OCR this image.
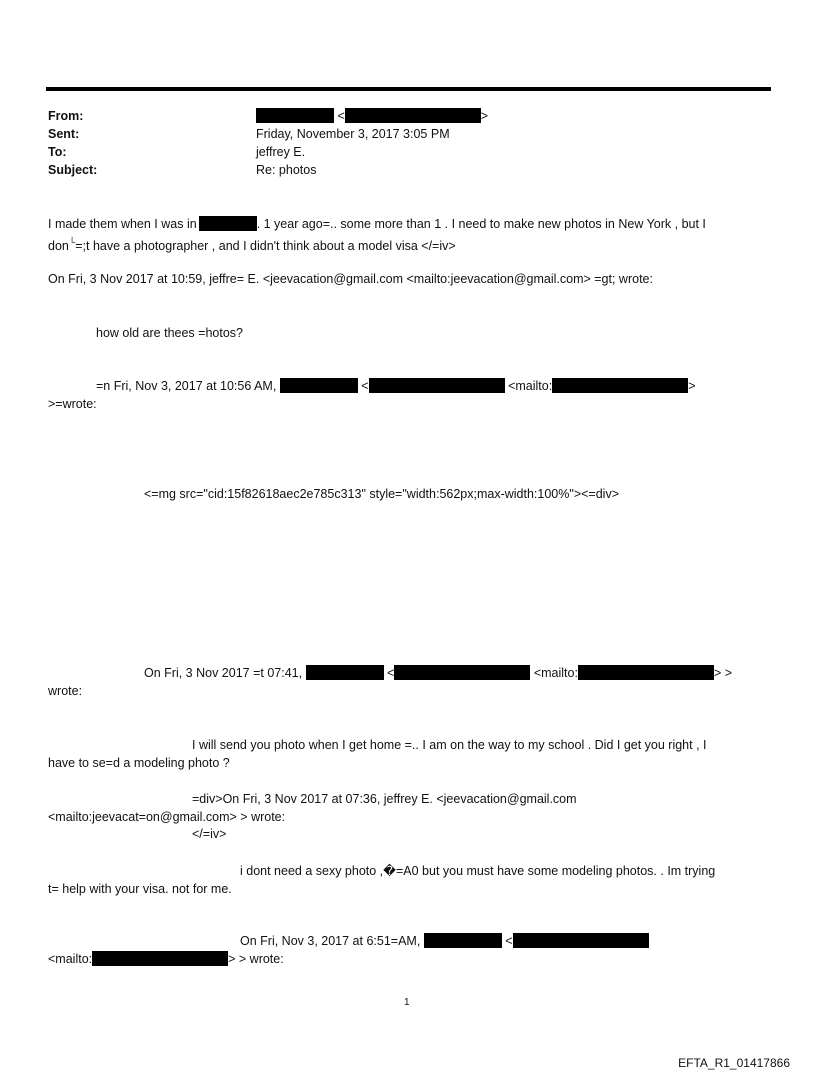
From:	<	>
Sent:	Friday, November 3, 2017 3:05 PM
To:	jeffrey E.
Subject:	Re: photos
I made them when I was in	. 1 year ago=.. some more than 1 . I need to make new photos in New York , but I
don└=;t have a photographer , and I didn't think about a model visa </=iv>
On Fri, 3 Nov 2017 at 10:59, jeffre= E. <jeevacation@gmail.com <mailto:jeevacation@gmail.com> =gt; wrote:
how old are thees =hotos?
=n Fri, Nov 3, 2017 at 10:56 AM,	<	<mailto:	>
>=wrote:
<=mg src="cid:15f82618aec2e785c313" style="width:562px;max-width:100%"><=div>
On Fri, 3 Nov 2017 =t 07:41,	<	<mailto:	> >
wrote:
I will send you photo when I get home =.. I am on the way to my school . Did I get you right , I
have to se=d a modeling photo ?
=div>On Fri, 3 Nov 2017 at 07:36, jeffrey E. <jeevacation@gmail.com
<mailto:jeevacat=on@gmail.com> > wrote:
</=iv>
i dont need a sexy photo ,�=A0 but you must have some modeling photos. . Im trying
t= help with your visa. not for me.
On Fri, Nov 3, 2017 at 6:51=AM,	<
<mailto:	> > wrote:
1
EFTA_R1_01417866
